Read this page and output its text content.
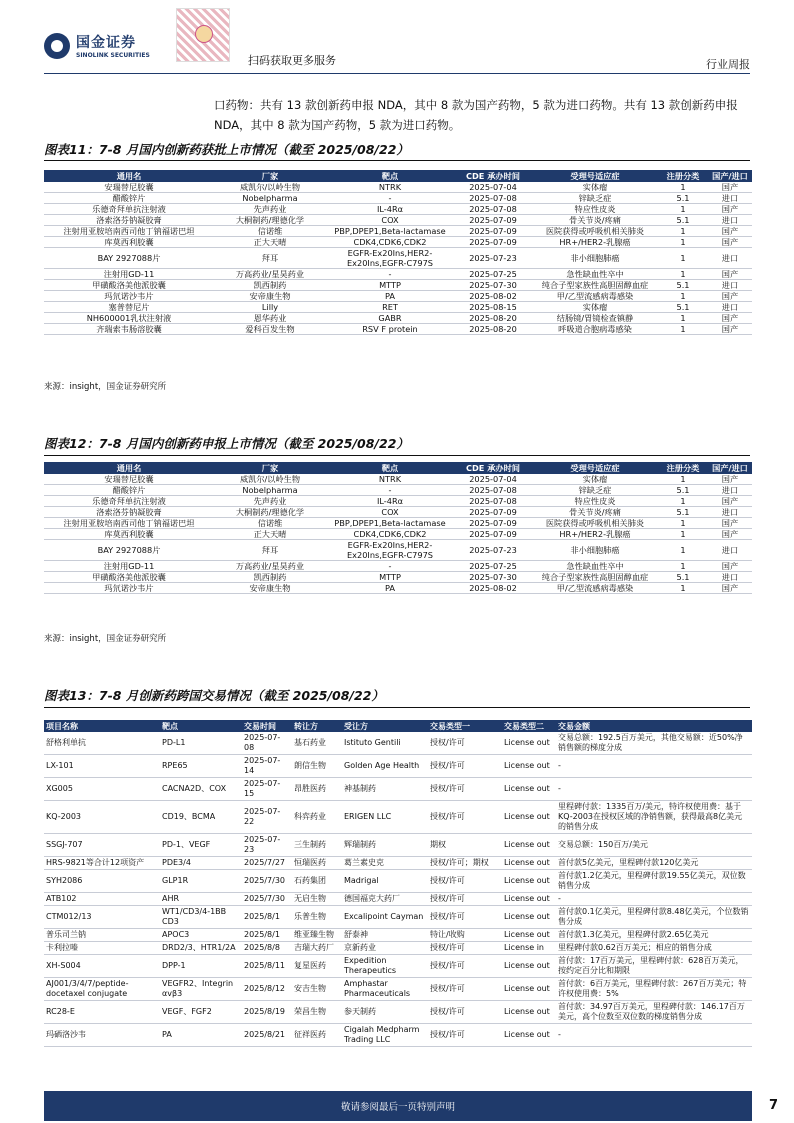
国金证券
SINOLINK SECURITIES	扫码获取更多服务	行业周报
口药物：共有 13 款创新药申报 NDA，其中 8 款为国产药物，5 款为进口药物。共有 13 款创新药申报 NDA，其中 8 款为国产药物，5 款为进口药物。
图表11：7-8 月国内创新药获批上市情况（截至 2025/08/22）
通用名	厂家	靶点	CDE 承办时间	受理号适应症	注册分类	国产/进口
安瑞替尼胶囊	威凯尔/以岭生物	NTRK	2025-07-04	实体瘤	1	国产
醋酸锌片	Nobelpharma	-	2025-07-08	锌缺乏症	5.1	进口
乐德奇拜单抗注射液	先声药业	IL-4Rα	2025-07-08	特应性皮炎	1	国产
洛索洛芬钠凝胶膏	大桐制药/理德化学	COX	2025-07-09	骨关节炎/疼痛	5.1	进口
注射用亚胺培南西司他丁钠福诺巴坦	信诺维	PBP,DPEP1,Beta-lactamase	2025-07-09	医院获得或呼吸机相关肺炎	1	国产
库莫西利胶囊	正大天晴	CDK4,CDK6,CDK2	2025-07-09	HR+/HER2-乳腺癌	1	国产
BAY 2927088片	拜耳	EGFR-Ex20Ins,HER2-Ex20Ins,EGFR-C797S	2025-07-23	非小细胞肺癌	1	进口
注射用GD-11	万高药业/星昊药业	-	2025-07-25	急性缺血性卒中	1	国产
甲磺酸洛美他派胶囊	凯西制药	MTTP	2025-07-30	纯合子型家族性高胆固醇血症	5.1	进口
玛氘诺沙韦片	安帝康生物	PA	2025-08-02	甲/乙型流感病毒感染	1	国产
塞普替尼片	Lilly	RET	2025-08-15	实体瘤	5.1	进口
NH600001乳状注射液	恩华药业	GABR	2025-08-20	结肠镜/胃镜检查镇静	1	国产
齐瑞索韦肠溶胶囊	爱科百发生物	RSV F protein	2025-08-20	呼吸道合胞病毒感染	1	国产
来源：insight，国金证券研究所
图表12：7-8 月国内创新药申报上市情况（截至 2025/08/22）
通用名	厂家	靶点	CDE 承办时间	受理号适应症	注册分类	国产/进口
安瑞替尼胶囊	威凯尔/以岭生物	NTRK	2025-07-04	实体瘤	1	国产
醋酸锌片	Nobelpharma	-	2025-07-08	锌缺乏症	5.1	进口
乐德奇拜单抗注射液	先声药业	IL-4Rα	2025-07-08	特应性皮炎	1	国产
洛索洛芬钠凝胶膏	大桐制药/理德化学	COX	2025-07-09	骨关节炎/疼痛	5.1	进口
注射用亚胺培南西司他丁钠福诺巴坦	信诺维	PBP,DPEP1,Beta-lactamase	2025-07-09	医院获得或呼吸机相关肺炎	1	国产
库莫西利胶囊	正大天晴	CDK4,CDK6,CDK2	2025-07-09	HR+/HER2-乳腺癌	1	国产
BAY 2927088片	拜耳	EGFR-Ex20Ins,HER2-Ex20Ins,EGFR-C797S	2025-07-23	非小细胞肺癌	1	进口
注射用GD-11	万高药业/星昊药业	-	2025-07-25	急性缺血性卒中	1	国产
甲磺酸洛美他派胶囊	凯西制药	MTTP	2025-07-30	纯合子型家族性高胆固醇血症	5.1	进口
玛氘诺沙韦片	安帝康生物	PA	2025-08-02	甲/乙型流感病毒感染	1	国产
来源：insight，国金证券研究所
图表13：7-8 月创新药跨国交易情况（截至 2025/08/22）
项目名称	靶点	交易时间	转让方	受让方	交易类型一	交易类型二	交易金额
舒格利单抗	PD-L1	2025-07-08	基石药业	Istituto Gentili	授权/许可	License out	交易总额：192.5百万美元，其他交易额：近50%净销售额的梯度分成
LX-101	RPE65	2025-07-14	朗信生物	Golden Age Health	授权/许可	License out	-
XG005	CACNA2D、COX	2025-07-15	昂胜医药	神基制药	授权/许可	License out	-
KQ-2003	CD19、BCMA	2025-07-22	科弈药业	ERIGEN LLC	授权/许可	License out	里程碑付款：1335百万/美元，特许权使用费：基于KQ-2003在授权区域的净销售额，获得最高8亿美元的销售分成
SSGJ-707	PD-1、VEGF	2025-07-23	三生制药	辉瑞制药	期权	License out	交易总额：150百万/美元
HRS-9821等合计12项资产	PDE3/4	2025/7/27	恒瑞医药	葛兰素史克	授权/许可；期权	License out	首付款5亿美元，里程碑付款120亿美元
SYH2086	GLP1R	2025/7/30	石药集团	Madrigal	授权/许可	License out	首付款1.2亿美元，里程碑付款19.55亿美元，双位数销售分成
ATB102	AHR	2025/7/30	无启生物	德国福克大药厂	授权/许可	License out	-
CTM012/13	WT1/CD3/4-1BB CD3	2025/8/1	乐普生物	Excalipoint Cayman	授权/许可	License out	首付款0.1亿美元，里程碑付款8.48亿美元，个位数销售分成
普乐司兰钠	APOC3	2025/8/1	维亚臻生物	舒泰神	特让/收购	License out	首付款1.3亿美元，里程碑付款2.65亿美元
卡利拉嗪	DRD2/3、HTR1/2A	2025/8/8	吉瑞大药厂	京新药业	授权/许可	License in	里程碑付款0.62百万美元；相应的销售分成
XH-S004	DPP-1	2025/8/11	复星医药	Expedition Therapeutics	授权/许可	License out	首付款：17百万美元，里程碑付款：628百万美元，按约定百分比和期限
AJ001/3/4/7/peptide-docetaxel conjugate	VEGFR2、Integrin αvβ3	2025/8/12	安吉生物	Amphastar Pharmaceuticals	授权/许可	License out	首付款：6百万美元，里程碑付款：267百万美元；特许权使用费：5%
RC28-E	VEGF、FGF2	2025/8/19	荣昌生物	参天制药	授权/许可	License out	首付款：34.97百万美元，里程碑付款：146.17百万美元，高个位数至双位数的梯度销售分成
玛硒洛沙韦	PA	2025/8/21	征祥医药	Cigalah Medpharm Trading LLC	授权/许可	License out	-
敬请参阅最后一页特别声明	7
